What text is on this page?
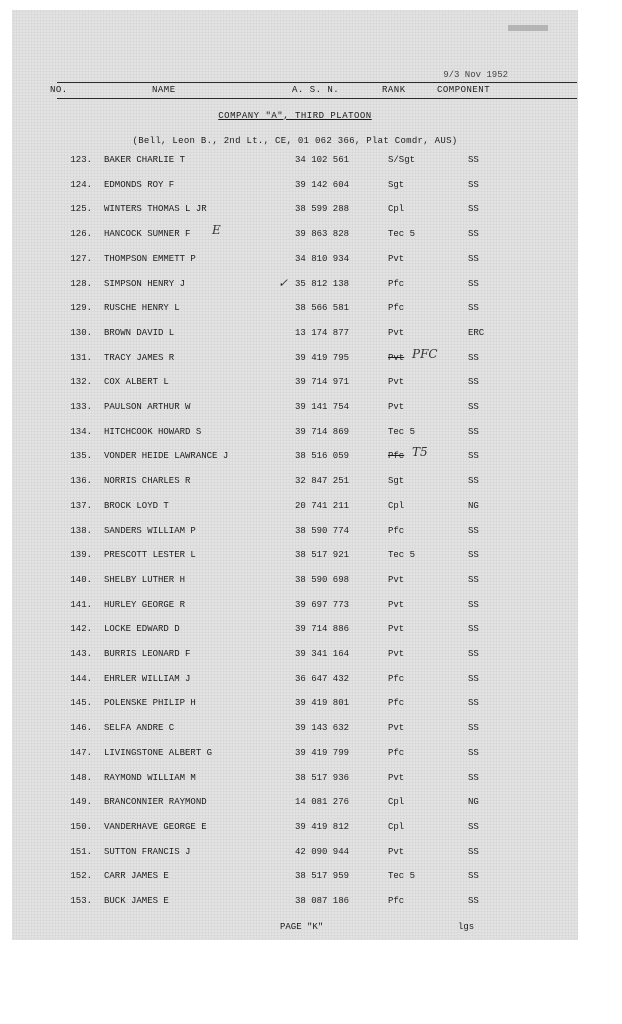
9/3 Nov 1952
NO.	NAME	A. S. N.	RANK	COMPONENT
COMPANY "A", THIRD PLATOON
(Bell, Leon B., 2nd Lt., CE, 01 062 366, Plat Comdr, AUS)
123. BAKER CHARLIE T	34 102 561	S/Sgt	SS
124. EDMONDS ROY F	39 142 604	Sgt	SS
125. WINTERS THOMAS L JR	38 599 288	Cpl	SS
126. HANCOCK SUMNER F	39 863 828	Tec 5	SS
E
127. THOMPSON EMMETT P	34 810 934	Pvt	SS
128. SIMPSON HENRY J	35 812 138	Pfc	SS
✓
129. RUSCHE HENRY L	38 566 581	Pfc	SS
130. BROWN DAVID L	13 174 877	Pvt	ERC
131. TRACY JAMES R	39 419 795	Pvt	SS
PFC
132. COX ALBERT L	39 714 971	Pvt	SS
133. PAULSON ARTHUR W	39 141 754	Pvt	SS
134. HITCHCOOK HOWARD S	39 714 869	Tec 5	SS
135. VONDER HEIDE LAWRANCE J	38 516 059	Pfc	SS
T5
136. NORRIS CHARLES R	32 847 251	Sgt	SS
137. BROCK LOYD T	20 741 211	Cpl	NG
138. SANDERS WILLIAM P	38 590 774	Pfc	SS
139. PRESCOTT LESTER L	38 517 921	Tec 5	SS
140. SHELBY LUTHER H	38 590 698	Pvt	SS
141. HURLEY GEORGE R	39 697 773	Pvt	SS
142. LOCKE EDWARD D	39 714 886	Pvt	SS
143. BURRIS LEONARD F	39 341 164	Pvt	SS
144. EHRLER WILLIAM J	36 647 432	Pfc	SS
145. POLENSKE PHILIP H	39 419 801	Pfc	SS
146. SELFA ANDRE C	39 143 632	Pvt	SS
147. LIVINGSTONE ALBERT G	39 419 799	Pfc	SS
148. RAYMOND WILLIAM M	38 517 936	Pvt	SS
149. BRANCONNIER RAYMOND	14 081 276	Cpl	NG
150. VANDERHAVE GEORGE E	39 419 812	Cpl	SS
151. SUTTON FRANCIS J	42 090 944	Pvt	SS
152. CARR JAMES E	38 517 959	Tec 5	SS
153. BUCK JAMES E	38 087 186	Pfc	SS
PAGE "K"	lgs
